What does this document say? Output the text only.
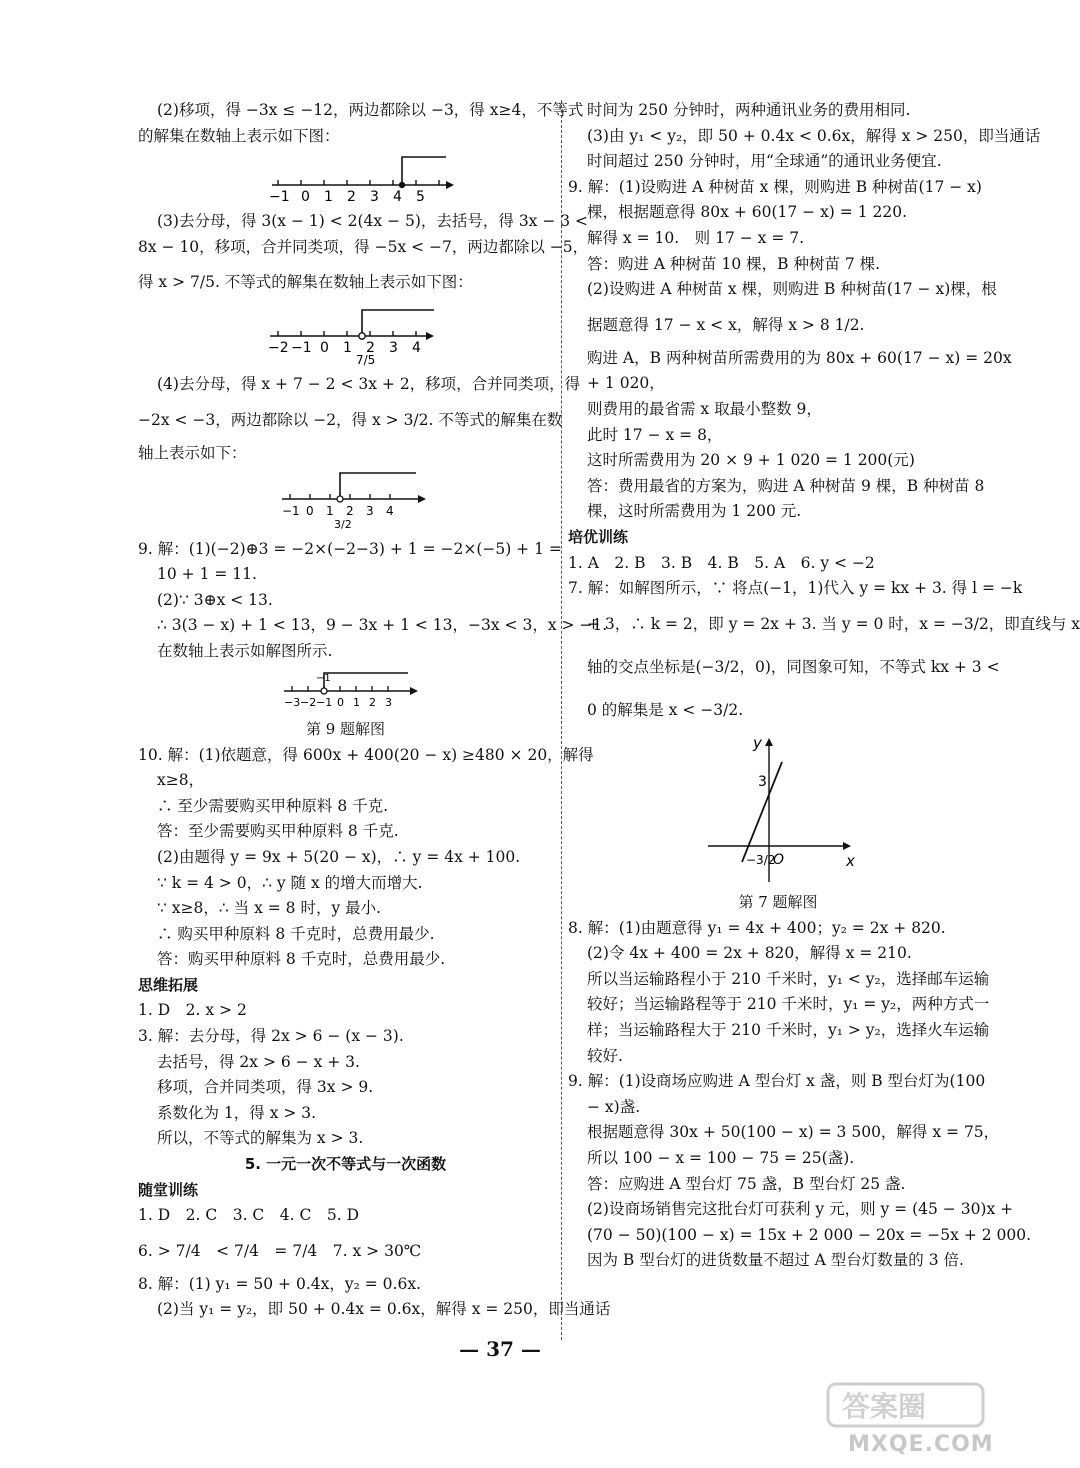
(2)移项，得 −3x ≤ −12，两边都除以 −3，得 x≥4，不等式
的解集在数轴上表示如下图：
−1 0 1 2 3 4 5
(3)去分母，得 3(x − 1) < 2(4x − 5)，去括号，得 3x − 3 <
8x − 10，移项，合并同类项，得 −5x < −7，两边都除以 −5，
得 x > 7/5. 不等式的解集在数轴上表示如下图：
−2 −1 0 1 2 3 4
7/5
(4)去分母，得 x + 7 − 2 < 3x + 2，移项，合并同类项，得
−2x < −3，两边都除以 −2，得 x > 3/2. 不等式的解集在数
轴上表示如下：
−1 0 1 2 3 4
3/2
9. 解：(1)(−2)⊕3 = −2×(−2−3) + 1 = −2×(−5) + 1 =
10 + 1 = 11.
(2)∵ 3⊕x < 13.
∴ 3(3 − x) + 1 < 13，9 − 3x + 1 < 13，−3x < 3，x > −1.
在数轴上表示如解图所示.
−3 −2 −1 0 1 2 3
−1
第 9 题解图
10. 解：(1)依题意，得 600x + 400(20 − x) ≥480 × 20，解得
x≥8，
∴ 至少需要购买甲种原料 8 千克.
答：至少需要购买甲种原料 8 千克.
(2)由题得 y = 9x + 5(20 − x)，∴ y = 4x + 100.
∵ k = 4 > 0，∴ y 随 x 的增大而增大.
∵ x≥8，∴ 当 x = 8 时，y 最小.
∴ 购买甲种原料 8 千克时，总费用最少.
答：购买甲种原料 8 千克时，总费用最少.
思维拓展
1. D　2. x > 2
3. 解：去分母，得 2x > 6 − (x − 3).
去括号，得 2x > 6 − x + 3.
移项，合并同类项，得 3x > 9.
系数化为 1，得 x > 3.
所以，不等式的解集为 x > 3.
5. 一元一次不等式与一次函数
随堂训练
1. D　2. C　3. C　4. C　5. D
6. > 7/4　< 7/4　= 7/4　7. x > 30℃
8. 解：(1) y₁ = 50 + 0.4x，y₂ = 0.6x.
(2)当 y₁ = y₂，即 50 + 0.4x = 0.6x，解得 x = 250，即当通话
时间为 250 分钟时，两种通讯业务的费用相同.
(3)由 y₁ < y₂，即 50 + 0.4x < 0.6x，解得 x > 250，即当通话
时间超过 250 分钟时，用“全球通”的通讯业务便宜.
9. 解：(1)设购进 A 种树苗 x 棵，则购进 B 种树苗(17 − x)
棵，根据题意得 80x + 60(17 − x) = 1 220.
解得 x = 10.　则 17 − x = 7.
答：购进 A 种树苗 10 棵，B 种树苗 7 棵.
(2)设购进 A 种树苗 x 棵，则购进 B 种树苗(17 − x)棵，根
据题意得 17 − x < x，解得 x > 8 1/2.
购进 A，B 两种树苗所需费用的为 80x + 60(17 − x) = 20x
+ 1 020，
则费用的最省需 x 取最小整数 9，
此时 17 − x = 8，
这时所需费用为 20 × 9 + 1 020 = 1 200(元)
答：费用最省的方案为，购进 A 种树苗 9 棵，B 种树苗 8
棵，这时所需费用为 1 200 元.
培优训练
1. A　2. B　3. B　4. B　5. A　6. y < −2
7. 解：如解图所示，∵ 将点(−1，1)代入 y = kx + 3. 得 l = −k
+ 3，∴ k = 2，即 y = 2x + 3. 当 y = 0 时，x = −3/2，即直线与 x
轴的交点坐标是(−3/2，0)，同图象可知，不等式 kx + 3 <
0 的解集是 x < −3/2.
y
x
O
3
−3/2
第 7 题解图
8. 解：(1)由题意得 y₁ = 4x + 400；y₂ = 2x + 820.
(2)令 4x + 400 = 2x + 820，解得 x = 210.
所以当运输路程小于 210 千米时，y₁ < y₂，选择邮车运输
较好；当运输路程等于 210 千米时，y₁ = y₂，两种方式一
样；当运输路程大于 210 千米时，y₁ > y₂，选择火车运输
较好.
9. 解：(1)设商场应购进 A 型台灯 x 盏，则 B 型台灯为(100
− x)盏.
根据题意得 30x + 50(100 − x) = 3 500，解得 x = 75，
所以 100 − x = 100 − 75 = 25(盏).
答：应购进 A 型台灯 75 盏，B 型台灯 25 盏.
(2)设商场销售完这批台灯可获利 y 元，则 y = (45 − 30)x +
(70 − 50)(100 − x) = 15x + 2 000 − 20x = −5x + 2 000.
因为 B 型台灯的进货数量不超过 A 型台灯数量的 3 倍.
— 37 —
答案圈
MXQE.COM
